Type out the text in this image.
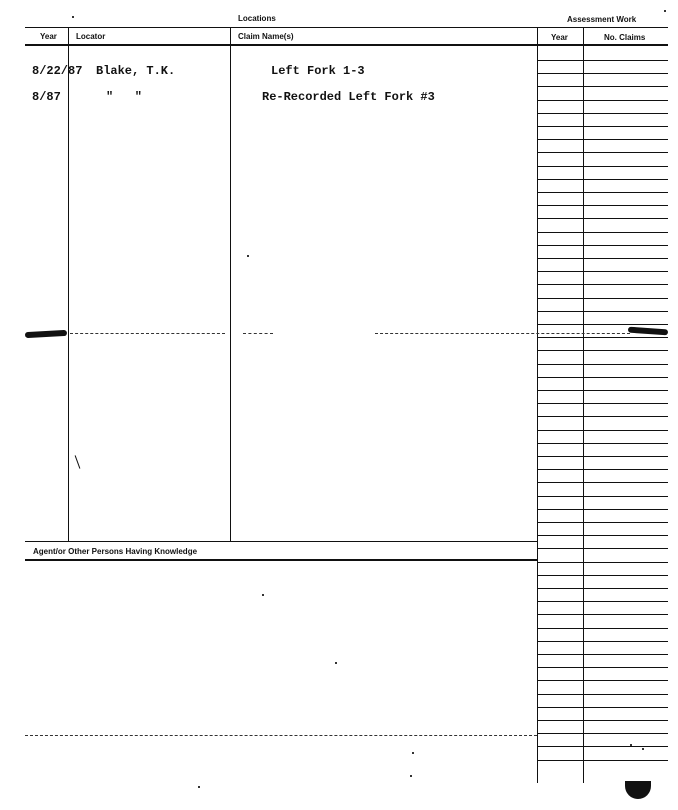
Locations	Assessment Work
Year Locator	Claim Name(s)	Year	No. Claims
8/22/87 Blake, T.K.	Left Fork 1-3
8/87	"   "	Re-Recorded Left Fork #3
Agent/or Other Persons Having Knowledge
